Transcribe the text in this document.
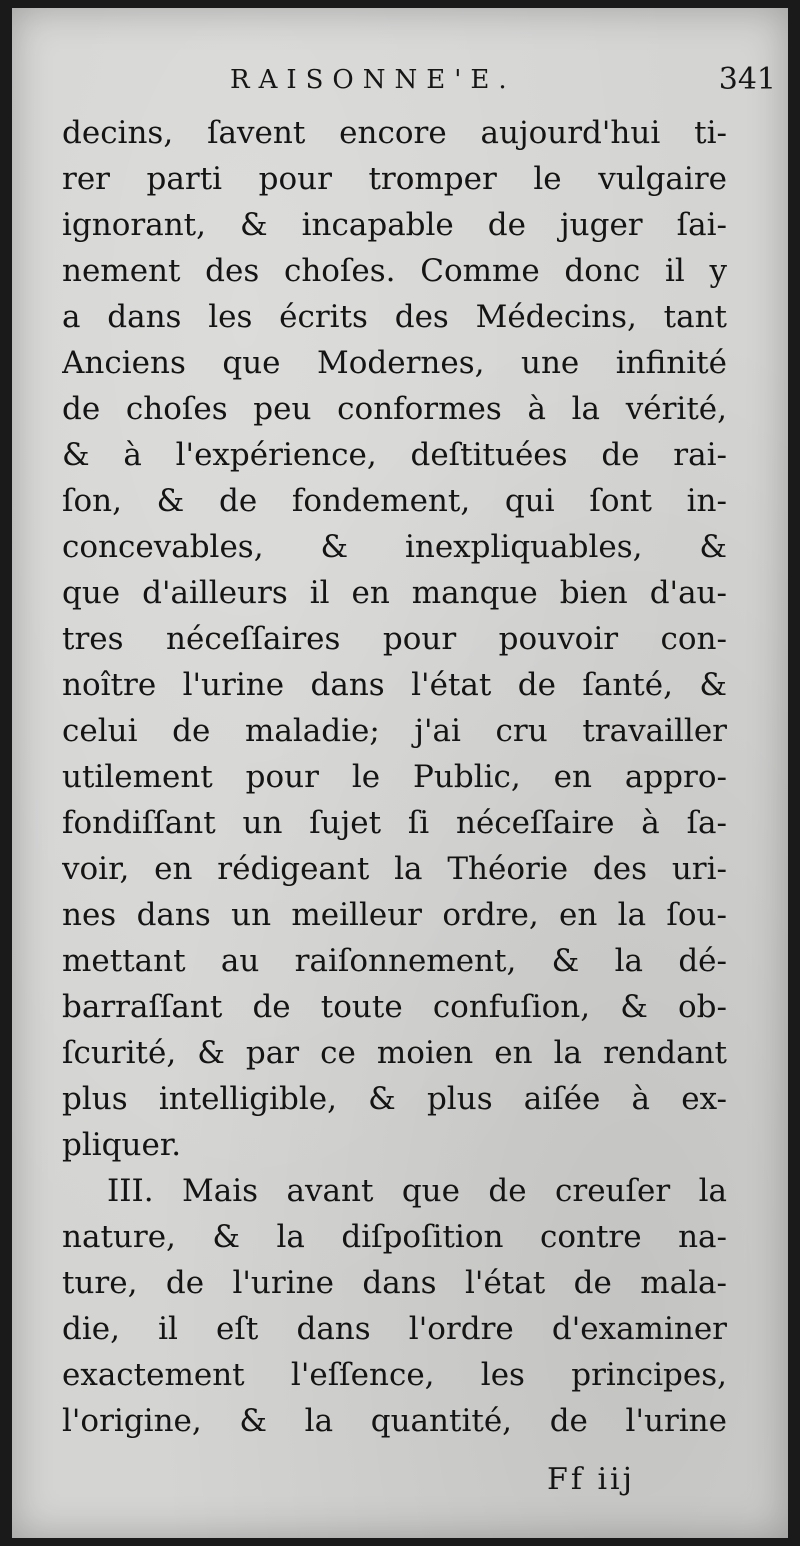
RAISONNE'E.	341
decins, ſavent encore aujourd'hui ti-
rer parti pour tromper le vulgaire
ignorant, & incapable de juger ſai-
nement des choſes. Comme donc il y
a dans les écrits des Médecins, tant
Anciens que Modernes, une infinité
de choſes peu conformes à la vérité,
& à l'expérience, deſtituées de rai-
ſon, & de fondement, qui ſont in-
concevables, & inexpliquables, &
que d'ailleurs il en manque bien d'au-
tres néceſſaires pour pouvoir con-
noître l'urine dans l'état de ſanté, &
celui de maladie; j'ai cru travailler
utilement pour le Public, en appro-
fondiſſant un ſujet ſi néceſſaire à ſa-
voir, en rédigeant la Théorie des uri-
nes dans un meilleur ordre, en la ſou-
mettant au raiſonnement, & la dé-
barraſſant de toute confuſion, & ob-
ſcurité, & par ce moien en la rendant
plus intelligible, & plus aiſée à ex-
pliquer.
III. Mais avant que de creuſer la
nature, & la diſpoſition contre na-
ture, de l'urine dans l'état de mala-
die, il eſt dans l'ordre d'examiner
exactement l'eſſence, les principes,
l'origine, & la quantité, de l'urine
Ff iij
